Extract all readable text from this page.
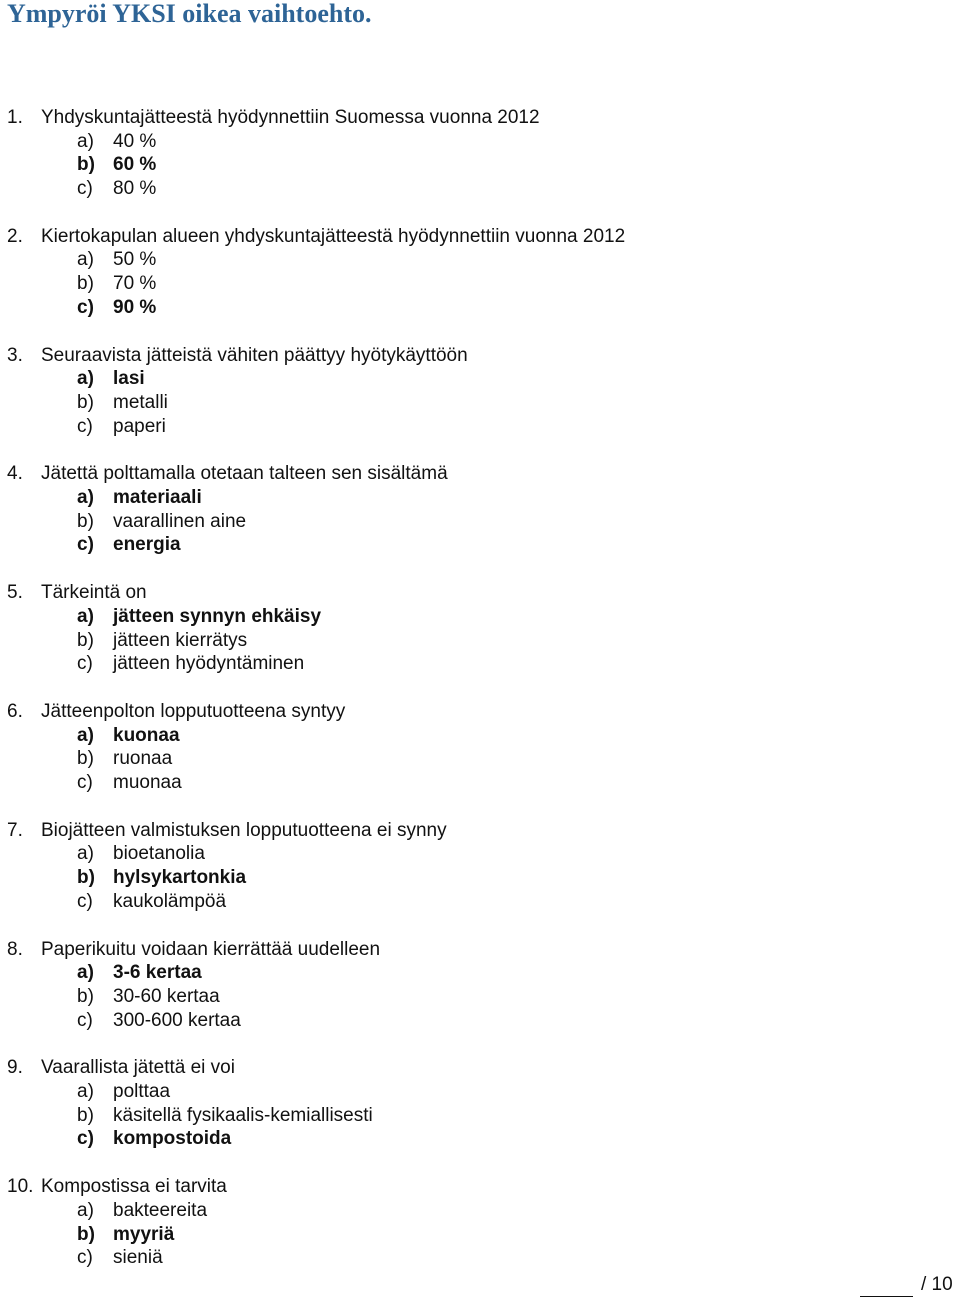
Ympyröi YKSI oikea vaihtoehto.
1. Yhdyskuntajätteestä hyödynnettiin Suomessa vuonna 2012
a) 40 %
b) 60 %
c) 80 %
2. Kiertokapulan alueen yhdyskuntajätteestä hyödynnettiin vuonna 2012
a) 50 %
b) 70 %
c) 90 %
3. Seuraavista jätteistä vähiten päättyy hyötykäyttöön
a) lasi
b) metalli
c) paperi
4. Jätettä polttamalla otetaan talteen sen sisältämä
a) materiaali
b) vaarallinen aine
c) energia
5. Tärkeintä on
a) jätteen synnyn ehkäisy
b) jätteen kierrätys
c) jätteen hyödyntäminen
6. Jätteenpolton lopputuotteena syntyy
a) kuonaa
b) ruonaa
c) muonaa
7. Biojätteen valmistuksen lopputuotteena ei synny
a) bioetanolia
b) hylsykartonkia
c) kaukolämpöä
8. Paperikuitu voidaan kierrättää uudelleen
a) 3-6 kertaa
b) 30-60 kertaa
c) 300-600 kertaa
9. Vaarallista jätettä ei voi
a) polttaa
b) käsitellä fysikaalis-kemiallisesti
c) kompostoida
10. Kompostissa ei tarvita
a) bakteereita
b) myyriä
c) sieniä
/ 10
